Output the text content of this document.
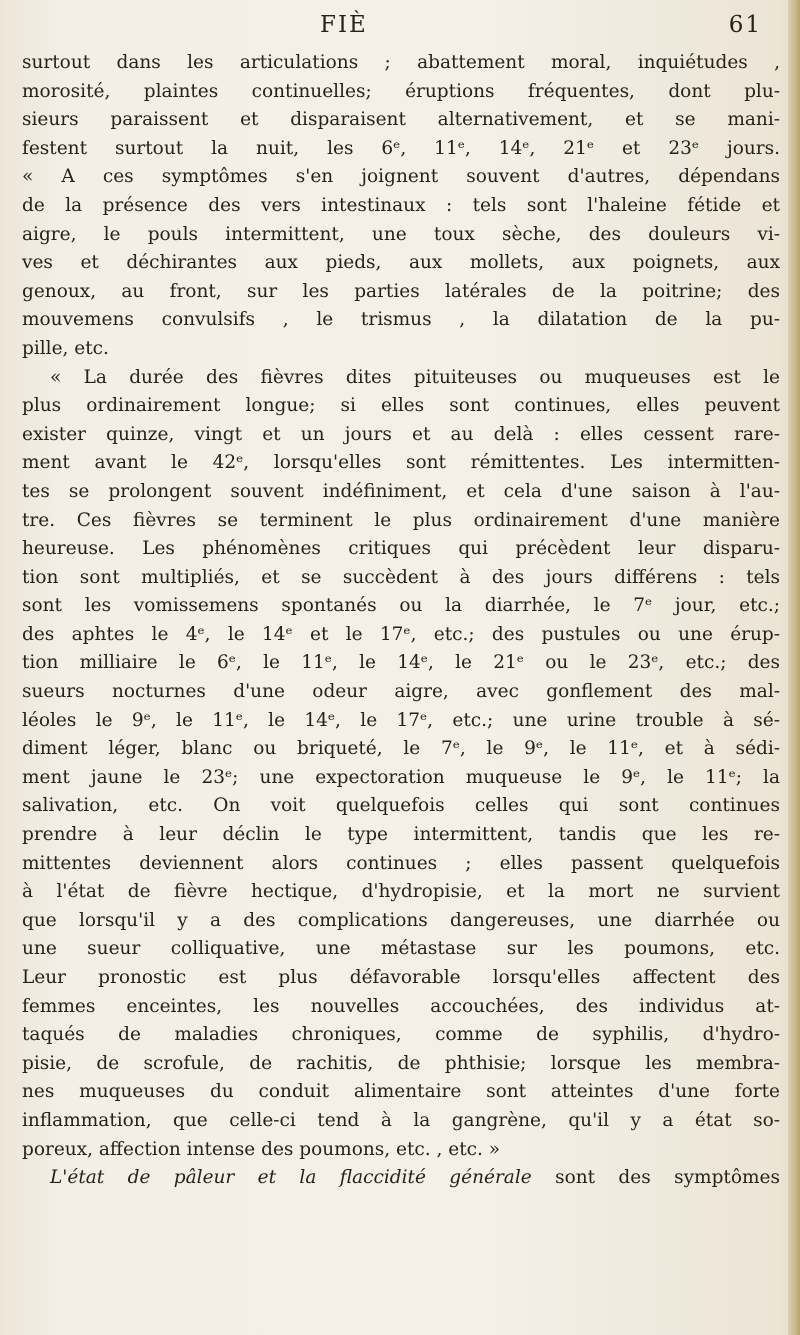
FIÈ	61
surtout dans les articulations ; abattement moral, inquiétudes ,
morosité, plaintes continuelles; éruptions fréquentes, dont plu-
sieurs paraissent et disparaisent alternativement, et se mani-
festent surtout la nuit, les 6ᵉ, 11ᵉ, 14ᵉ, 21ᵉ et 23ᵉ jours.
« A ces symptômes s'en joignent souvent d'autres, dépendans
de la présence des vers intestinaux : tels sont l'haleine fétide et
aigre, le pouls intermittent, une toux sèche, des douleurs vi-
ves et déchirantes aux pieds, aux mollets, aux poignets, aux
genoux, au front, sur les parties latérales de la poitrine; des
mouvemens convulsifs , le trismus , la dilatation de la pu-
pille, etc.
« La durée des fièvres dites pituiteuses ou muqueuses est le
plus ordinairement longue; si elles sont continues, elles peuvent
exister quinze, vingt et un jours et au delà : elles cessent rare-
ment avant le 42ᵉ, lorsqu'elles sont rémittentes. Les intermitten-
tes se prolongent souvent indéfiniment, et cela d'une saison à l'au-
tre. Ces fièvres se terminent le plus ordinairement d'une manière
heureuse. Les phénomènes critiques qui précèdent leur disparu-
tion sont multipliés, et se succèdent à des jours différens : tels
sont les vomissemens spontanés ou la diarrhée, le 7ᵉ jour, etc.;
des aphtes le 4ᵉ, le 14ᵉ et le 17ᵉ, etc.; des pustules ou une érup-
tion milliaire le 6ᵉ, le 11ᵉ, le 14ᵉ, le 21ᵉ ou le 23ᵉ, etc.; des
sueurs nocturnes d'une odeur aigre, avec gonflement des mal-
léoles le 9ᵉ, le 11ᵉ, le 14ᵉ, le 17ᵉ, etc.; une urine trouble à sé-
diment léger, blanc ou briqueté, le 7ᵉ, le 9ᵉ, le 11ᵉ, et à sédi-
ment jaune le 23ᵉ; une expectoration muqueuse le 9ᵉ, le 11ᵉ; la
salivation, etc. On voit quelquefois celles qui sont continues
prendre à leur déclin le type intermittent, tandis que les re-
mittentes deviennent alors continues ; elles passent quelquefois
à l'état de fièvre hectique, d'hydropisie, et la mort ne survient
que lorsqu'il y a des complications dangereuses, une diarrhée ou
une sueur colliquative, une métastase sur les poumons, etc.
Leur pronostic est plus défavorable lorsqu'elles affectent des
femmes enceintes, les nouvelles accouchées, des individus at-
taqués de maladies chroniques, comme de syphilis, d'hydro-
pisie, de scrofule, de rachitis, de phthisie; lorsque les membra-
nes muqueuses du conduit alimentaire sont atteintes d'une forte
inflammation, que celle-ci tend à la gangrène, qu'il y a état so-
poreux, affection intense des poumons, etc. , etc. »
L'état de pâleur et la flaccidité générale sont des symptômes
